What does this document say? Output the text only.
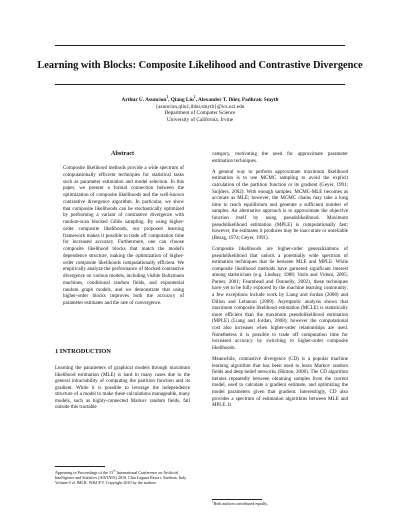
Learning with Blocks: Composite Likelihood and Contrastive Divergence
Arthur U. Asuncion$^1$, Qiang Liu$^1$, Alexander T. Ihler, Padhraic Smyth
{asuncion,qliu1,ihler,smyth}@ics.uci.edu
Department of Computer Science
University of California, Irvine
Abstract
Composite likelihood methods provide a wide spectrum of computationally efficient techniques for statistical tasks such as parameter estimation and model selection. In this paper, we present a formal connection between the optimization of composite likelihoods and the well-known contrastive divergence algorithm. In particular, we show that composite likelihoods can be stochastically optimized by performing a variant of contrastive divergence with random-scan blocked Gibbs sampling. By using higher-order composite likelihoods, our proposed learning framework makes it possible to trade off computation time for increased accuracy. Furthermore, one can choose composite likelihood blocks that match the model's dependence structure, making the optimization of higher-order composite likelihoods computationally efficient. We empirically analyze the performance of blocked contrastive divergence on various models, including visible Boltzmann machines, conditional random fields, and exponential random graph models, and we demonstrate that using higher-order blocks improves both the accuracy of parameter estimates and the rate of convergence.
1 INTRODUCTION
Learning the parameters of graphical models through maximum likelihood estimation (MLE) is hard in many cases due to the general intractability of computing the partition function and its gradient. While it is possible to leverage the independence structure of a model to make these calculations manageable, many models, such as highly-connected Markov random fields, fall outside this tractable
Appearing in Proceedings of the 13th International Conference on Artificial Intelligence and Statistics (AISTATS) 2010, Chia Laguna Resort, Sardinia, Italy. Volume 9 of JMLR: W&CP 9. Copyright 2010 by the authors.

category, motivating the need for approximate parameter estimation techniques.

A general way to perform approximate maximum likelihood estimation is to use MCMC sampling to avoid the explicit calculation of the partition function or its gradient (Geyer, 1991; Snijders, 2002). With enough samples, MCMC-MLE becomes as accurate as MLE; however, the MCMC chains may take a long time to reach equilibrium and generate a sufficient number of samples. An alternative approach is to approximate the objective function itself by using pseudolikelihood. Maximum pseudolikelihood estimation (MPLE) is computationally fast; however, the estimates it produces may be inaccurate or unreliable (Besag, 1974; Geyer, 1991).

Composite likelihoods are higher-order generalizations of pseudolikelihood that unlock a potentially wide spectrum of estimation techniques that lie between MLE and MPLE. While composite likelihood methods have garnered significant interest among statisticians (e.g. Lindsay, 1988; Varin and Vidoni, 2005; Parner, 2001; Fearnhead and Donnelly, 2002), these techniques have yet to be fully explored by the machine learning community; a few exceptions include work by Liang and Jordan (2008) and Dillon and Lebanon (2009). Asymptotic analysis shows that maximum composite likelihood estimation (MCLE) is statistically more efficient than the maximum pseudolikelihood estimation (MPLE) (Liang and Jordan, 2008); however the computational cost also increases when higher-order relationships are used. Nonetheless it is possible to trade off computation time for increased accuracy by switching to higher-order composite likelihoods.

Meanwhile, contrastive divergence (CD) is a popular machine learning algorithm that has been used to learn Markov random fields and deep belief networks (Hinton, 2000). The CD algorithm iterates repeatedly between obtaining samples from the current model, used to calculate a gradient estimate, and optimizing the model parameters given that gradient. Interestingly, CD also provides a spectrum of estimation algorithms between MLE and MPLE. It

$^1$Both authors contributed equally.
